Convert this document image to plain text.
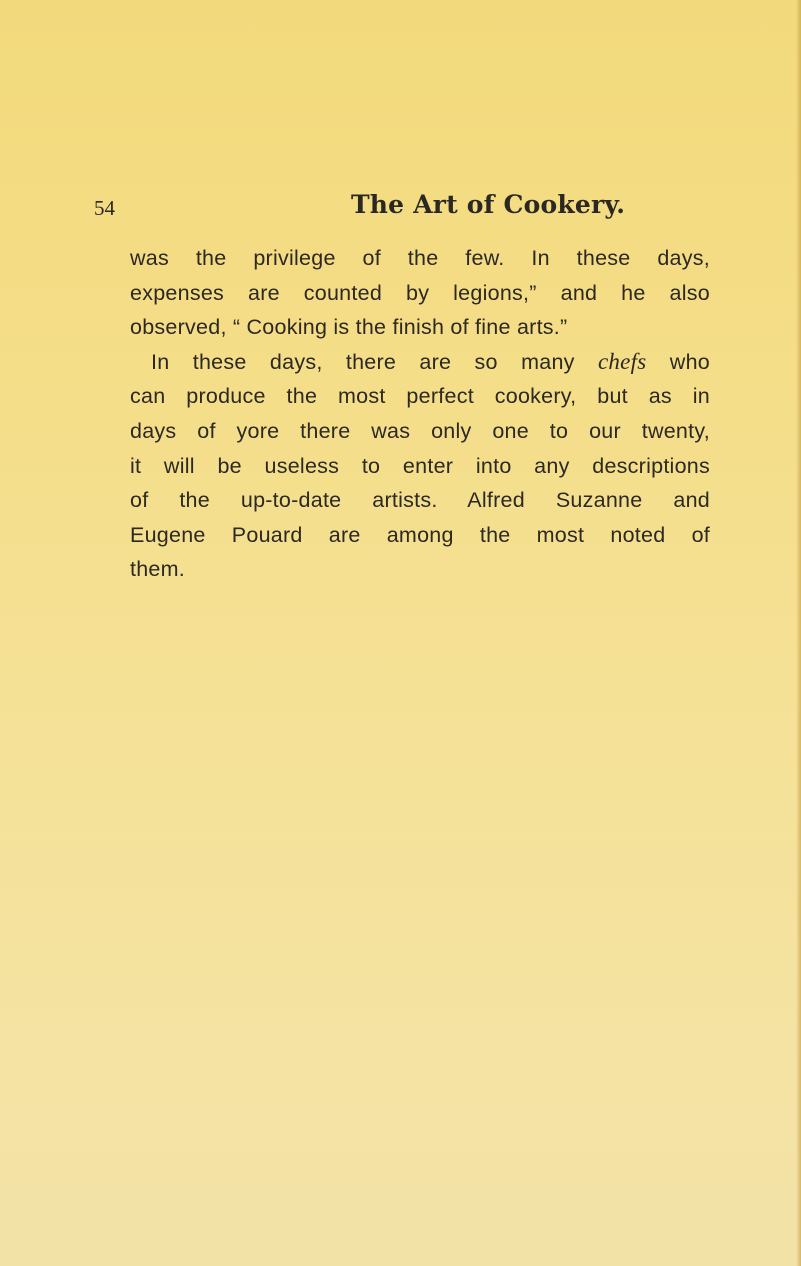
54	The Art of Cookery.
was the privilege of the few. In these days,
expenses are counted by legions,” and he also
observed, “ Cooking is the finish of fine arts.”
In these days, there are so many chefs who
can produce the most perfect cookery, but as in
days of yore there was only one to our twenty,
it will be useless to enter into any descriptions
of the up-to-date artists. Alfred Suzanne and
Eugene Pouard are among the most noted of
them.
